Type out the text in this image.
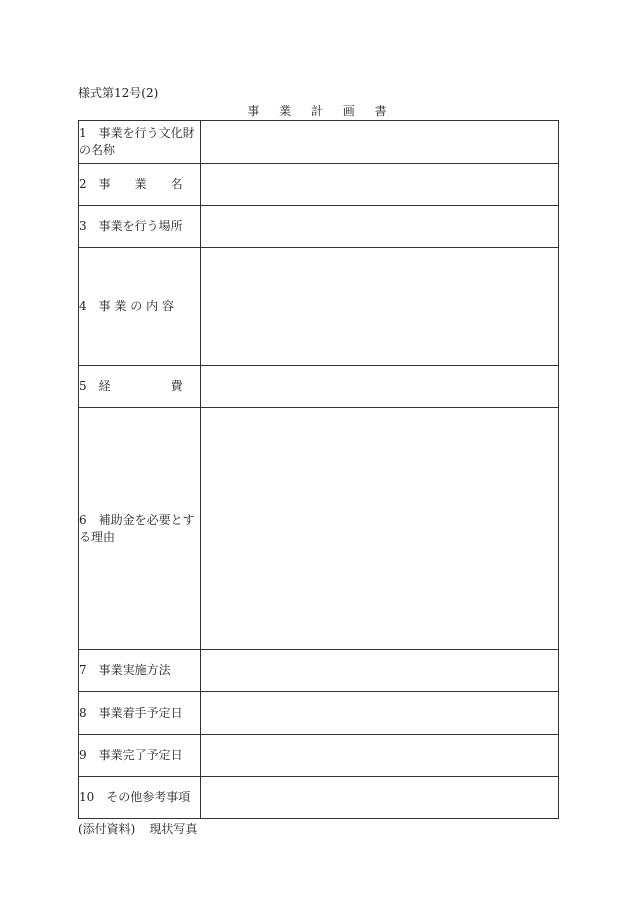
様式第12号(2)
事 業 計 画 書
1　事業を行う文化財の名称	

2　事　　業　　名	

3　事業を行う場所	

4　事 業 の 内 容	

5　経　　　　　費	

6　補助金を必要とする理由	

7　事業実施方法	

8　事業着手予定日	

9　事業完了予定日	

10　その他参考事項	

(添付資料) 現状写真
